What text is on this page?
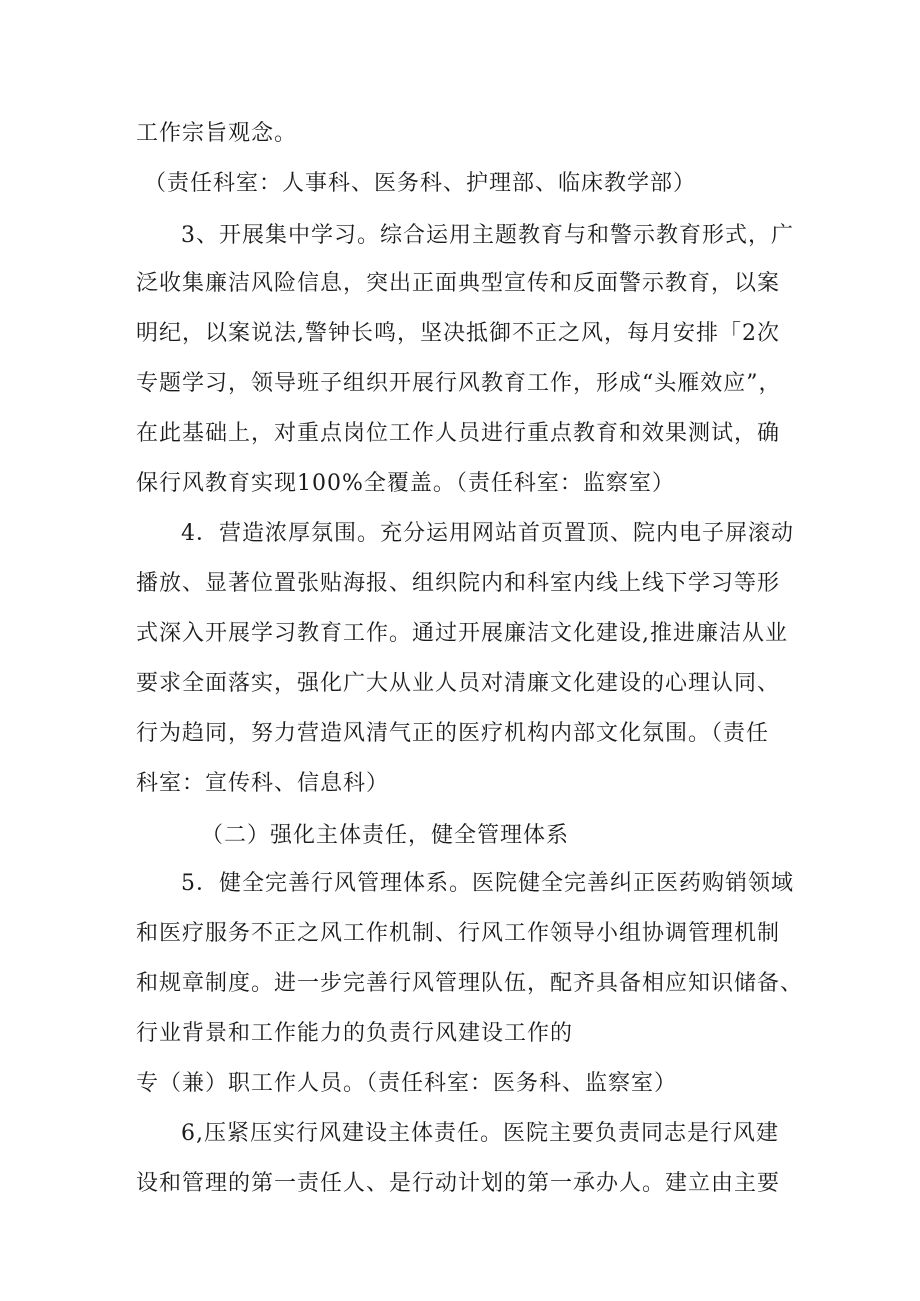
工作宗旨观念。
（责任科室：人事科、医务科、护理部、临床教学部）
3、开展集中学习。综合运用主题教育与和警示教育形式，广
泛收集廉洁风险信息，突出正面典型宣传和反面警示教育，以案
明纪，以案说法,警钟长鸣，坚决抵御不正之风，每月安排「2次
专题学习，领导班子组织开展行风教育工作，形成“头雁效应”，
在此基础上，对重点岗位工作人员进行重点教育和效果测试，确
保行风教育实现100%全覆盖。（责任科室：监察室）
4．营造浓厚氛围。充分运用网站首页置顶、院内电子屏滚动
播放、显著位置张贴海报、组织院内和科室内线上线下学习等形
式深入开展学习教育工作。通过开展廉洁文化建设,推进廉洁从业
要求全面落实，强化广大从业人员对清廉文化建设的心理认同、
行为趋同，努力营造风清气正的医疗机构内部文化氛围。（责任
科室：宣传科、信息科）
（二）强化主体责任，健全管理体系
5．健全完善行风管理体系。医院健全完善纠正医药购销领域
和医疗服务不正之风工作机制、行风工作领导小组协调管理机制
和规章制度。进一步完善行风管理队伍，配齐具备相应知识储备、
行业背景和工作能力的负责行风建设工作的
专（兼）职工作人员。（责任科室：医务科、监察室）
6,压紧压实行风建设主体责任。医院主要负责同志是行风建
设和管理的第一责任人、是行动计划的第一承办人。建立由主要
